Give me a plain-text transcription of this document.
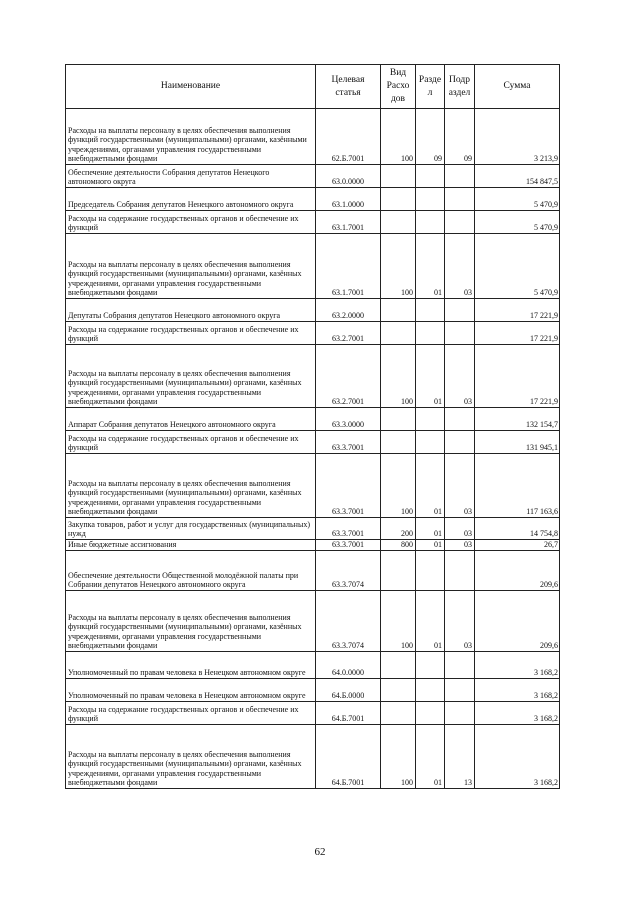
Наименование	Целевая статья	Вид Расхо дов	Разде л	Подр аздел	Сумма
Расходы на выплаты персоналу в целях обеспечения выполнения функций государственными (муниципальными) органами, казёнными учреждениями, органами управления государственными внебюджетными фондами	62.Б.7001	100	09	09	3 213,9
Обеспечение деятельности Собрания депутатов Ненецкого автономного округа	63.0.0000				154 847,5
Председатель Собрания депутатов Ненецкого автономного округа	63.1.0000				5 470,9
Расходы на содержание государственных органов и обеспечение их функций	63.1.7001				5 470,9
Расходы на выплаты персоналу в целях обеспечения выполнения функций государственными (муниципальными) органами, казённых учреждениями, органами управления государственными внебюджетными фондами	63.1.7001	100	01	03	5 470,9
Депутаты Собрания депутатов Ненецкого автономного округа	63.2.0000				17 221,9
Расходы на содержание государственных органов и обеспечение их функций	63.2.7001				17 221,9
Расходы на выплаты персоналу в целях обеспечения выполнения функций государственными (муниципальными) органами, казённых учреждениями, органами управления государственными внебюджетными фондами	63.2.7001	100	01	03	17 221,9
Аппарат Собрания депутатов Ненецкого автономного округа	63.3.0000				132 154,7
Расходы на содержание государственных органов и обеспечение их функций	63.3.7001				131 945,1
Расходы на выплаты персоналу в целях обеспечения выполнения функций государственными (муниципальными) органами, казённых учреждениями, органами управления государственными внебюджетными фондами	63.3.7001	100	01	03	117 163,6
Закупка товаров, работ и услуг для государственных (муниципальных) нужд	63.3.7001	200	01	03	14 754,8
Иные бюджетные ассигнования	63.3.7001	800	01	03	26,7
Обеспечение деятельности Общественной молодёжной палаты при Собрании депутатов Ненецкого автономного округа	63.3.7074				209,6
Расходы на выплаты персоналу в целях обеспечения выполнения функций государственными (муниципальными) органами, казённых учреждениями, органами управления государственными внебюджетными фондами	63.3.7074	100	01	03	209,6
Уполномоченный по правам человека в Ненецком автономном округе	64.0.0000				3 168,2
Уполномоченный по правам человека в Ненецком автономном округе	64.Б.0000				3 168,2
Расходы на содержание государственных органов и обеспечение их функций	64.Б.7001				3 168,2
Расходы на выплаты персоналу в целях обеспечения выполнения функций государственными (муниципальными) органами, казённых учреждениями, органами управления государственными внебюджетными фондами	64.Б.7001	100	01	13	3 168,2
62
